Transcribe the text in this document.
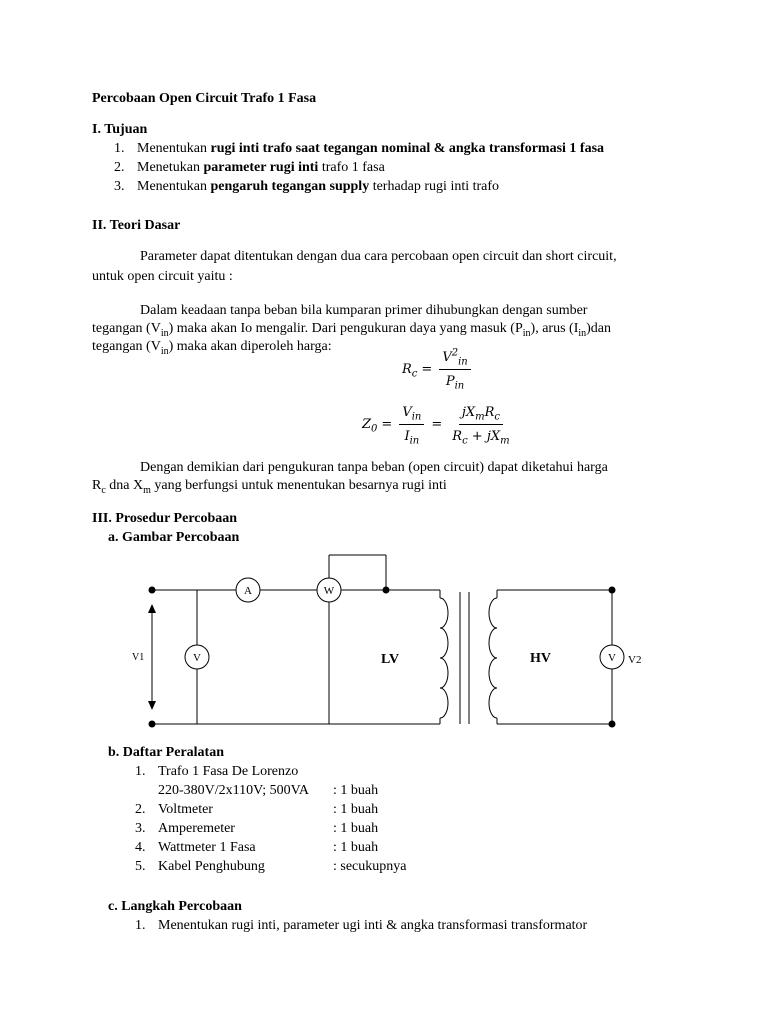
Percobaan Open Circuit Trafo 1 Fasa
I. Tujuan
1. Menentukan rugi inti trafo saat tegangan nominal & angka transformasi 1 fasa
2. Menetukan parameter rugi inti trafo 1 fasa
3. Menentukan pengaruh tegangan supply terhadap rugi inti trafo
II. Teori Dasar
Parameter dapat ditentukan dengan dua cara percobaan open circuit dan short circuit,
untuk open circuit yaitu :
Dalam keadaan tanpa beban bila kumparan primer dihubungkan dengan sumber
tegangan $(V_{in})$ maka akan Io mengalir. Dari pengukuran daya yang masuk $(P_{in})$, arus $(I_{in})dan$
tegangan $(V_{in})$ maka akan diperoleh harga:
$R_c = \frac{V^2_{in}}{P_{in}}$
$Z_0 = \frac{V_{in}}{I_{in}} = \frac{jX_mR_c}{R_c + jX_m}$
Dengan demikian dari pengukuran tanpa beban (open circuit) dapat diketahui harga
$R_c$ dna $X_m$ yang berfungsi untuk menentukan besarnya rugi inti
III. Prosedur Percobaan
a. Gambar Percobaan
A	W
V	V
V1	V2
LV	HV
b. Daftar Peralatan
1. Trafo 1 Fasa De Lorenzo
220-380V/2x110V; 500VA : 1 buah
2. Voltmeter	: 1 buah
3. Amperemeter	: 1 buah
4. Wattmeter 1 Fasa	: 1 buah
5. Kabel Penghubung	: secukupnya
c. Langkah Percobaan
1. Menentukan rugi inti, parameter ugi inti & angka transformasi transformator
